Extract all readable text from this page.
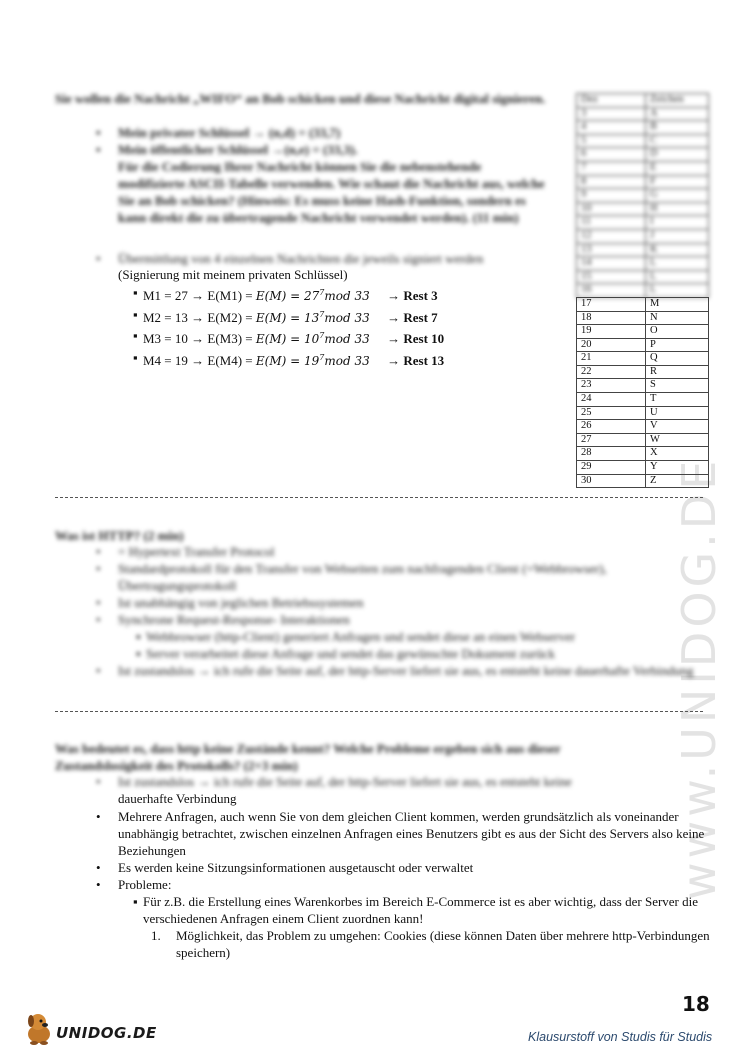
www.UNIDOG.DE
Sie wollen die Nachricht „WIFO“ an Bob schicken und diese Nachricht digital signieren.
• Mein privater Schlüssel → (n,d) = (33,7)
• Mein öffentlicher Schlüssel →(n,e) = (33,3).
Für die Codierung Ihrer Nachricht können Sie die nebenstehende modifizierte ASCII-Tabelle verwenden. Wie schaut die Nachricht aus, welche Sie an Bob schicken? (Hinweis: Es muss keine Hash-Funktion, sondern es kann direkt die zu übertragende Nachricht verwendet werden). (11 min)
• Übermittlung von 4 einzelnen Nachrichten die jeweils signiert werden
(Signierung mit meinem privaten Schlüssel)
▪ $M1 = 27 \to E(M1) = E(M) = 27^7mod$ 33 → Rest 3
▪ $M2 = 13 \to E(M2) = E(M) = 13^7mod$ 33 → Rest 7
▪ $M3 = 10 \to E(M3) = E(M) = 10^7mod$ 33 → Rest 10
▪ $M4 = 19 \to E(M4) = E(M) = 19^7mod$ 33 → Rest 13
Dez	Zeichen
3	A
4	B
5	C
6	D
7	E
8	F
9	G
10	H
11	I
12	J
13	K
14	L
15	L
16	L
17	M
18	N
19	O
20	P
21	Q
22	R
23	S
24	T
25	U
26	V
27	W
28	X
29	Y
30	Z
Was ist HTTP? (2 min)
• = Hypertext Transfer Protocol
• Standardprotokoll für den Transfer von Webseiten zum nachfragenden Client (=Webbrowser), Übertragungsprotokoll
• Ist unabhängig von jeglichen Betriebssystemen
• Synchrone Request-Response- Interaktionen
▪ Webbrowser (http-Client) generiert Anfragen und sendet diese an einen Webserver
▪ Server verarbeitet diese Anfrage und sendet das gewünschte Dokument zurück
• Ist zustandslos → ich rufe die Seite auf, der http-Server liefert sie aus, es entsteht keine dauerhafte Verbindung
Was bedeutet es, dass http keine Zustände kennt? Welche Probleme ergeben sich aus dieser Zustandslosigkeit des Protokolls? (2+3 min)
• Ist zustandslos → ich rufe die Seite auf, der http-Server liefert sie aus, es entsteht keine
dauerhafte Verbindung
• Mehrere Anfragen, auch wenn Sie von dem gleichen Client kommen, werden grundsätzlich als voneinander unabhängig betrachtet, zwischen einzelnen Anfragen eines Benutzers gibt es aus der Sicht des Servers also keine Beziehungen
• Es werden keine Sitzungsinformationen ausgetauscht oder verwaltet
• Probleme:
▪ Für z.B. die Erstellung eines Warenkorbes im Bereich E-Commerce ist es aber wichtig, dass der Server die verschiedenen Anfragen einem Client zuordnen kann!
1. Möglichkeit, das Problem zu umgehen: Cookies (diese können Daten über mehrere http-Verbindungen speichern)
18
UNIDOG.DE	Klausurstoff von Studis für Studis
